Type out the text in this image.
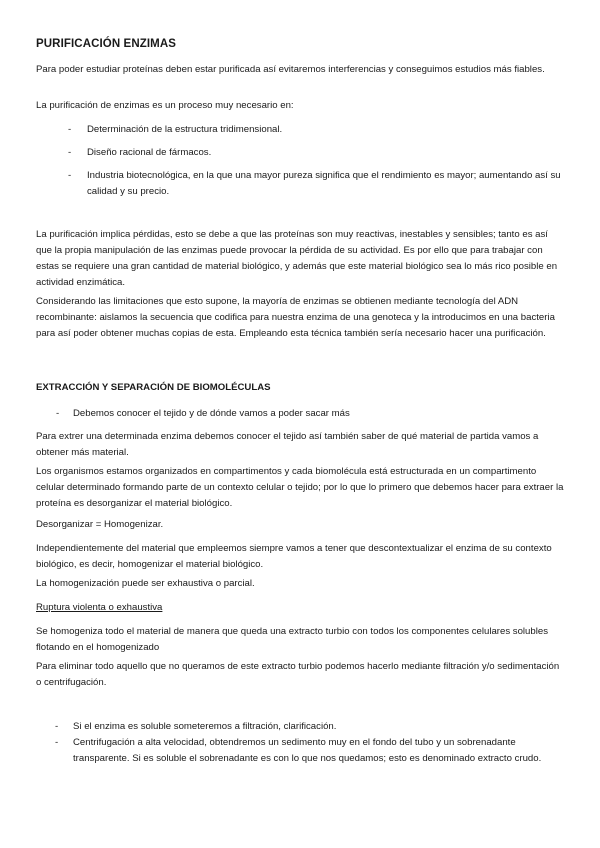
PURIFICACIÓN ENZIMAS

Para poder estudiar proteínas deben estar purificada así evitaremos interferencias y conseguimos estudios más fiables.

La purificación de enzimas es un proceso muy necesario en:

- Determinación de la estructura tridimensional.

- Diseño racional de fármacos.

- Industria biotecnológica, en la que una mayor pureza significa que el rendimiento es mayor; aumentando así su calidad y su precio.

La purificación implica pérdidas, esto se debe a que las proteínas son muy reactivas, inestables y sensibles; tanto es así que la propia manipulación de las enzimas puede provocar la pérdida de su actividad. Es por ello que para trabajar con estas se requiere una gran cantidad de material biológico, y además que este material biológico sea lo más rico posible en actividad enzimática.

Considerando las limitaciones que esto supone, la mayoría de enzimas se obtienen mediante tecnología del ADN recombinante: aislamos la secuencia que codifica para nuestra enzima de una genoteca y la introducimos en una bacteria para así poder obtener muchas copias de esta. Empleando esta técnica también sería necesario hacer una purificación.

EXTRACCIÓN Y SEPARACIÓN DE BIOMOLÉCULAS
- Debemos conocer el tejido y de dónde vamos a poder sacar más

Para extrer una determinada enzima debemos conocer el tejido así también saber de qué material de partida vamos a obtener más material.

Los organismos estamos organizados en compartimentos y cada biomolécula está estructurada en un compartimento celular determinado formando parte de un contexto celular o tejido; por lo que lo primero que debemos hacer para extraer la proteína es desorganizar el material biológico.

Desorganizar = Homogenizar.

Independientemente del material que empleemos siempre vamos a tener que descontextualizar el enzima de su contexto biológico, es decir, homogenizar el material biológico.

La homogenización puede ser exhaustiva o parcial.

Ruptura violenta o exhaustiva

Se homogeniza todo el material de manera que queda una extracto turbio con todos los componentes celulares solubles flotando en el homogenizado

Para eliminar todo aquello que no queramos de este extracto turbio podemos hacerlo mediante filtración y/o sedimentación o centrifugación.

- Si el enzima es soluble someteremos a filtración, clarificación.

- Centrifugación a alta velocidad, obtendremos un sedimento muy en el fondo del tubo y un sobrenadante transparente. Si es soluble el sobrenadante es con lo que nos quedamos; esto es denominado extracto crudo.
